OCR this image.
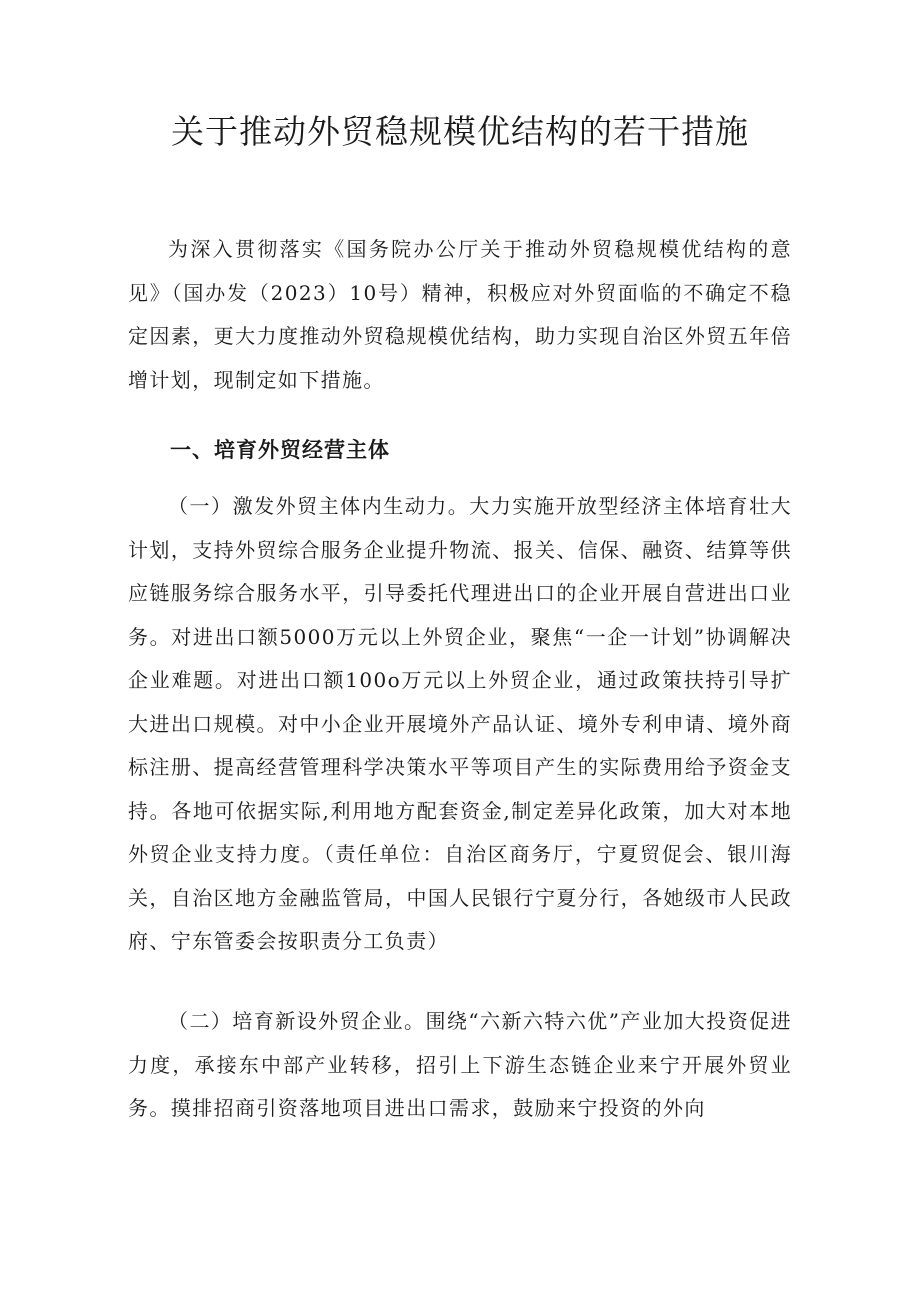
关于推动外贸稳规模优结构的若干措施

为深入贯彻落实《国务院办公厅关于推动外贸稳规模优结构的意见》（国办发（2023）10号）精神，积极应对外贸面临的不确定不稳定因素，更大力度推动外贸稳规模优结构，助力实现自治区外贸五年倍增计划，现制定如下措施。

一、培育外贸经营主体

（一）激发外贸主体内生动力。大力实施开放型经济主体培育壮大计划，支持外贸综合服务企业提升物流、报关、信保、融资、结算等供应链服务综合服务水平，引导委托代理进出口的企业开展自营进出口业务。对进出口额5000万元以上外贸企业，聚焦“一企一计划”协调解决企业难题。对进出口额100o万元以上外贸企业，通过政策扶持引导扩大进出口规模。对中小企业开展境外产品认证、境外专利申请、境外商标注册、提高经营管理科学决策水平等项目产生的实际费用给予资金支持。各地可依据实际,利用地方配套资金,制定差异化政策，加大对本地外贸企业支持力度。（责任单位：自治区商务厅，宁夏贸促会、银川海关，自治区地方金融监管局，中国人民银行宁夏分行，各她级市人民政府、宁东管委会按职责分工负责）

（二）培育新设外贸企业。围绕“六新六特六优”产业加大投资促进力度，承接东中部产业转移，招引上下游生态链企业来宁开展外贸业务。摸排招商引资落地项目进出口需求，鼓励来宁投资的外向
